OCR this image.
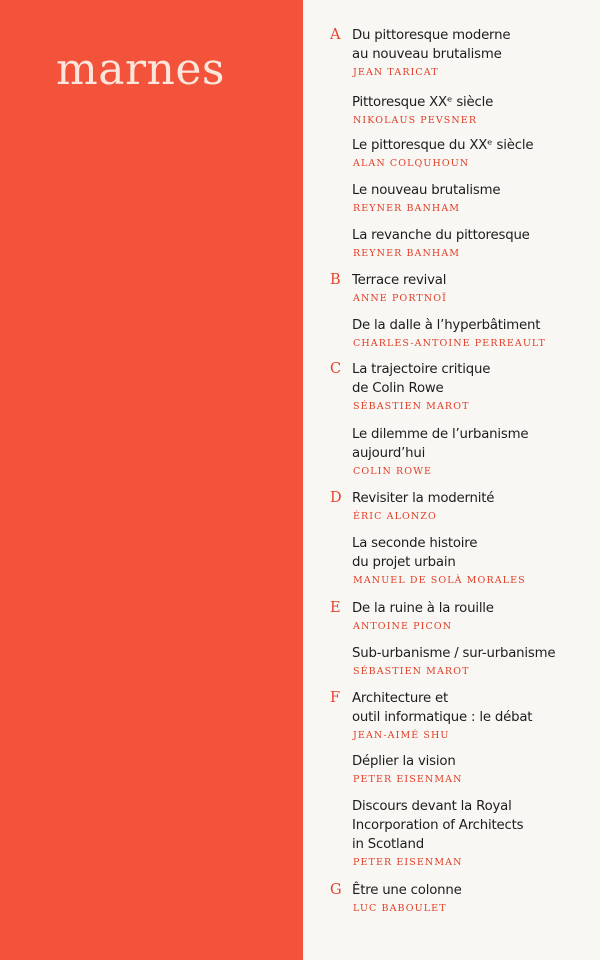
marnes
A Du pittoresque moderne
au nouveau brutalisme

JEAN TARICAT

Pittoresque XXᵉ siècle

NIKOLAUS PEVSNER

Le pittoresque du XXᵉ siècle

ALAN COLQUHOUN

Le nouveau brutalisme

REYNER BANHAM

La revanche du pittoresque

REYNER BANHAM
B Terrace revival

ANNE PORTNOÏ

De la dalle à l’hyperbâtiment

CHARLES-ANTOINE PERREAULT
C La trajectoire critique
de Colin Rowe

SÉBASTIEN MAROT

Le dilemme de l’urbanisme
aujourd’hui

COLIN ROWE
D Revisiter la modernité

ÉRIC ALONZO

La seconde histoire
du projet urbain

MANUEL DE SOLÀ MORALES
E De la ruine à la rouille

ANTOINE PICON

Sub-urbanisme / sur-urbanisme

SÉBASTIEN MAROT
F Architecture et
outil informatique : le débat

JEAN-AIMÉ SHU

Déplier la vision

PETER EISENMAN

Discours devant la Royal
Incorporation of Architects
in Scotland

PETER EISENMAN
G Être une colonne

LUC BABOULET
